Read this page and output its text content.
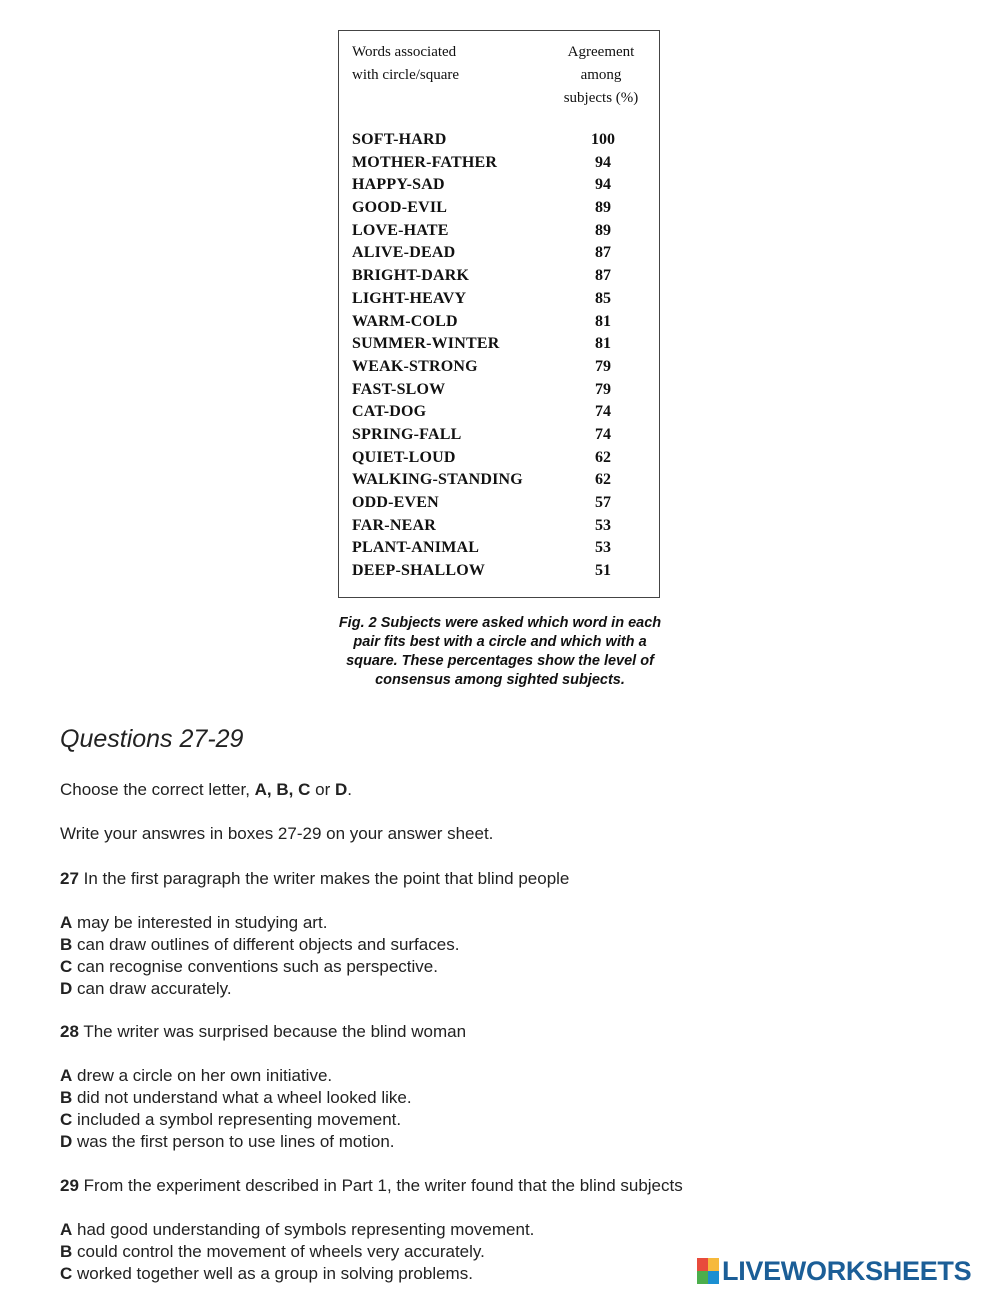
Words associated
with circle/square
Agreement
among
subjects (%)
SOFT-HARD	100
MOTHER-FATHER	94
HAPPY-SAD	94
GOOD-EVIL	89
LOVE-HATE	89
ALIVE-DEAD	87
BRIGHT-DARK	87
LIGHT-HEAVY	85
WARM-COLD	81
SUMMER-WINTER	81
WEAK-STRONG	79
FAST-SLOW	79
CAT-DOG	74
SPRING-FALL	74
QUIET-LOUD	62
WALKING-STANDING	62
ODD-EVEN	57
FAR-NEAR	53
PLANT-ANIMAL	53
DEEP-SHALLOW	51
Fig. 2 Subjects were asked which word in each pair fits best with a circle and which with a square. These percentages show the level of consensus among sighted subjects.
Questions 27-29
Choose the correct letter, A, B, C or D.
Write your answres in boxes 27-29 on your answer sheet.
27 In the first paragraph the writer makes the point that blind people
A may be interested in studying art.
B can draw outlines of different objects and surfaces.
C can recognise conventions such as perspective.
D can draw accurately.
28 The writer was surprised because the blind woman
A drew a circle on her own initiative.
B did not understand what a wheel looked like.
C included a symbol representing movement.
D was the first person to use lines of motion.
29 From the experiment described in Part 1, the writer found that the blind subjects
A had good understanding of symbols representing movement.
B could control the movement of wheels very accurately.
C worked together well as a group in solving problems.	LIVEWORKSHEETS
